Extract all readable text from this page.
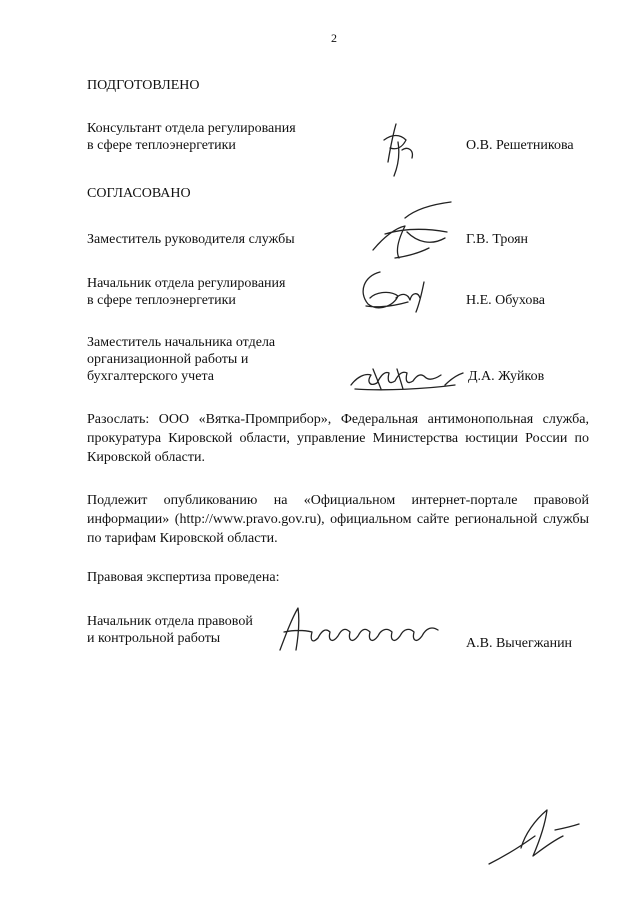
2
ПОДГОТОВЛЕНО
Консультант отдела регулирования
в сфере теплоэнергетики	О.В. Решетникова
СОГЛАСОВАНО
Заместитель руководителя службы	Г.В. Троян
Начальник отдела регулирования
в сфере теплоэнергетики	Н.Е. Обухова
Заместитель начальника отдела
организационной работы и
бухгалтерского учета	Д.А. Жуйков
Разослать: ООО «Вятка-Промприбор», Федеральная антимонопольная служба, прокуратура Кировской области, управление Министерства юстиции России по Кировской области.
Подлежит опубликованию на «Официальном интернет-портале правовой информации» (http://www.pravo.gov.ru), официальном сайте региональной службы по тарифам Кировской области.
Правовая экспертиза проведена:
Начальник отдела правовой
и контрольной работы	А.В. Вычегжанин
